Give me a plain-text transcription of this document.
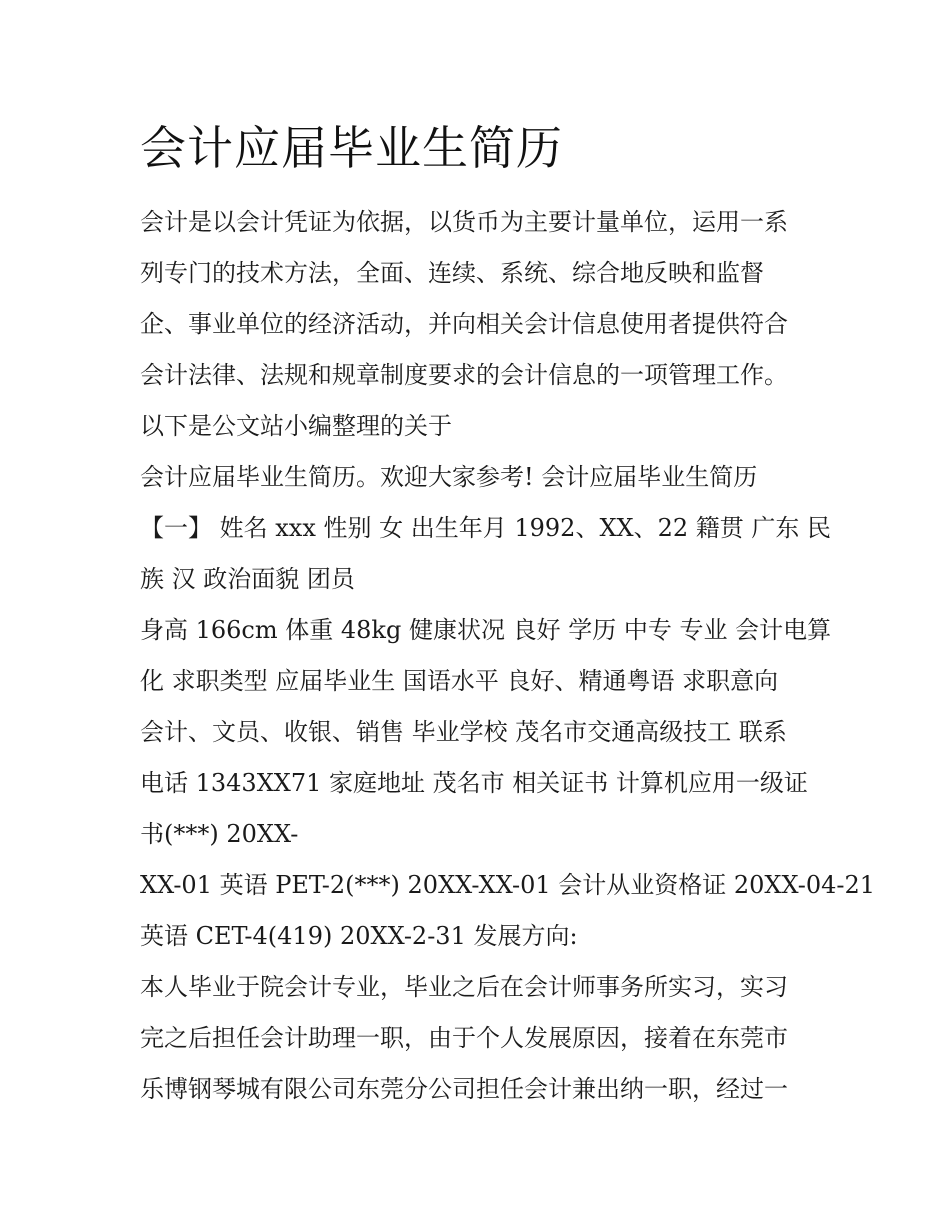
会计应届毕业生简历

会计是以会计凭证为依据，以货币为主要计量单位，运用一系

列专门的技术方法，全面、连续、系统、综合地反映和监督

企、事业单位的经济活动，并向相关会计信息使用者提供符合

会计法律、法规和规章制度要求的会计信息的一项管理工作。

以下是公文站小编整理的关于

会计应届毕业生简历。欢迎大家参考! 会计应届毕业生简历

【一】 姓名 xxx 性别 女 出生年月 1992、XX、22 籍贯 广东 民

族 汉 政治面貌 团员

身高 166cm 体重 48kg 健康状况 良好 学历 中专 专业 会计电算

化 求职类型 应届毕业生 国语水平 良好、精通粤语 求职意向

会计、文员、收银、销售 毕业学校 茂名市交通高级技工 联系

电话 1343XX71 家庭地址 茂名市 相关证书 计算机应用一级证

书(***) 20XX-

XX-01 英语 PET-2(***) 20XX-XX-01 会计从业资格证 20XX-04-21

英语 CET-4(419) 20XX-2-31 发展方向:

本人毕业于院会计专业，毕业之后在会计师事务所实习，实习

完之后担任会计助理一职，由于个人发展原因，接着在东莞市

乐博钢琴城有限公司东莞分公司担任会计兼出纳一职，经过一
